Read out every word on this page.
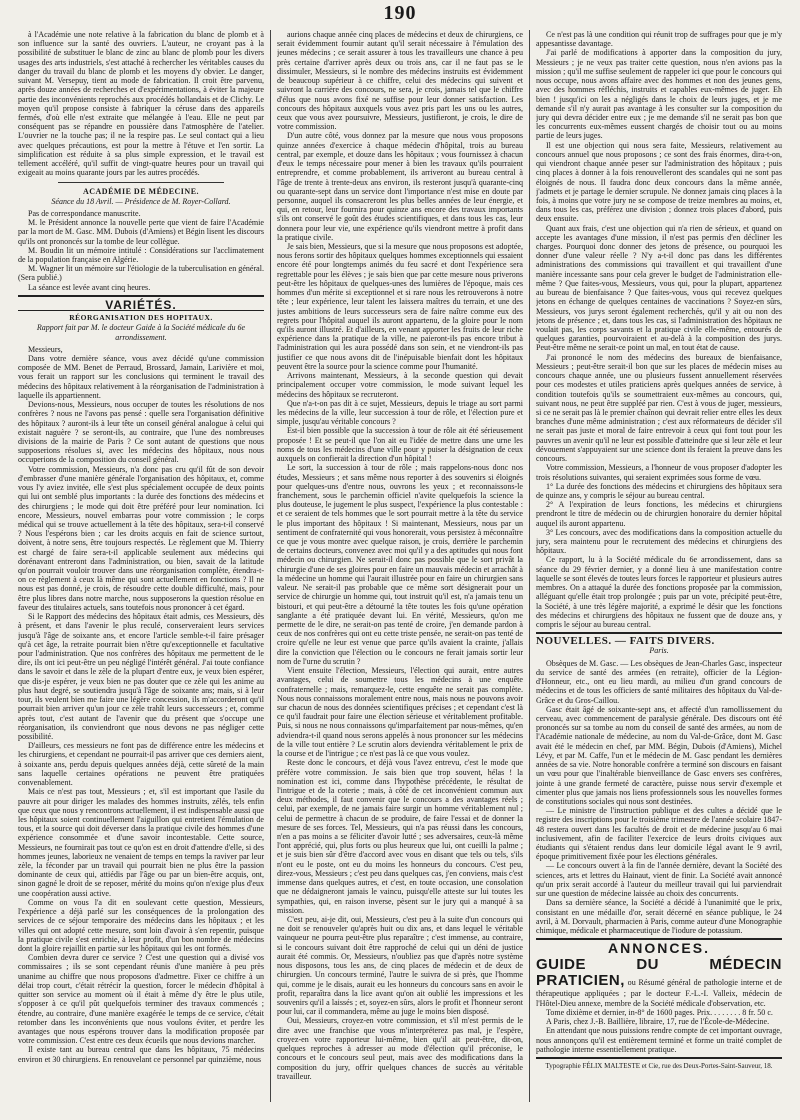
190

à l'Académie une note relative à la fabrication du blanc de plomb et à son influence sur la santé des ouvriers. L'auteur, ne croyant pas à la possibilité de substituer le blanc de zinc au blanc de plomb pour les divers usages des arts industriels, s'est attaché à rechercher les véritables causes du danger du travail du blanc de plomb et les moyens d'y obvier. Le danger, suivant M. Versepuy, tient au mode de fabrication. Il croit être parvenu, après douze années de recherches et d'expérimentations, à éviter la majeure partie des inconvénients reprochés aux procédés hollandais et de Clichy. Le moyen qu'il propose consiste à fabriquer la céruse dans des appareils fermés, d'où elle n'est extraite que mélangée à l'eau. Elle ne peut par conséquent pas se répandre en poussière dans l'atmosphère de l'atelier. L'ouvrier ne la touche pas; il ne la respire pas. Le seul contact qui a lieu avec quelques précautions, est pour la mettre à l'étuve et l'en sortir. La simplification est réduite à sa plus simple expression, et le travail est tellement accéléré, qu'il suffit de vingt-quatre heures pour un travail qui exigeait au moins quarante jours par les autres procédés.

ACADÉMIE DE MÉDECINE.
Séance du 18 Avril. — Présidence de M. Royer-Collard.

Pas de correspondance manuscrite.

M. le Président annonce la nouvelle perte que vient de faire l'Académie par la mort de M. Gasc. MM. Dubois (d'Amiens) et Bégin lisent les discours qu'ils ont prononcés sur la tombe de leur collègue.

M. Boudin lit un mémoire intitulé : Considérations sur l'acclimatement de la population française en Algérie.

M. Wagner lit un mémoire sur l'étiologie de la tuberculisation en général. (Sera publié.)

La séance est levée avant cinq heures.

VARIÉTÉS.
RÉORGANISATION DES HOPITAUX.
Rapport fait par M. le docteur Gaide à la Société médicale du 6e arrondissement.

Messieurs,

Dans votre dernière séance, vous avez décidé qu'une commission composée de MM. Benet de Perraud, Brossard, Jamain, Larivière et moi, vous ferait un rapport sur les conclusions qui terminent le travail des médecins des hôpitaux relativement à la réorganisation de l'administration à laquelle ils appartiennent.

Devions-nous, Messieurs, nous occuper de toutes les résolutions de nos confrères ? nous ne l'avons pas pensé : quelle sera l'organisation définitive des hôpitaux ? auront-ils à leur tête un conseil général analogue à celui qui existait naguère ? se seront-ils, au contraire, que l'une des nombreuses divisions de la mairie de Paris ? Ce sont autant de questions que nous supposerions résolues si, avec les médecins des hôpitaux, nous nous occuperions de la composition du conseil général.

Votre commission, Messieurs, n'a donc pas cru qu'il fût de son devoir d'embrasser d'une manière générale l'organisation des hôpitaux, et, comme vous l'y aviez invitée, elle s'est plus spécialement occupée de deux points qui lui ont semblé plus importants : la durée des fonctions des médecins et des chirurgiens ; le mode qui doit être préféré pour leur nomination. Ici encore, Messieurs, nouvel embarras pour votre commission ; le corps médical qui se trouve actuellement à la tête des hôpitaux, sera-t-il conservé ? Nous l'espérons bien ; car les droits acquis en fait de science surtout, doivent, à notre sens, être toujours respectés. Le règlement que M. Thierry est chargé de faire sera-t-il applicable seulement aux médecins qui dorénavant entreront dans l'administration, ou bien, savait de la latitude qu'on pourrait vouloir trouver dans une réorganisation complète, étendra-t-on ce règlement à ceux là même qui sont actuellement en fonctions ? Il ne nous est pas donné, je crois, de résoudre cette double difficulté, mais, pour être plus libres dans notre marche, nous supposerons la question résolue en faveur des titulaires actuels, sans toutefois nous prononcer à cet égard.

Si le Rapport des médecins des hôpitaux était admis, ces Messieurs, dès à présent, et dans l'avenir le plus reculé, conserveraient leurs services jusqu'à l'âge de soixante ans, et encore l'article semble-t-il faire présager qu'à cet âge, la retraite pourrait bien n'être qu'exceptionnelle et facultative pour l'administration. Que nos confrères des hôpitaux me permettent de le dire, ils ont ici peut-être un peu négligé l'intérêt général. J'ai toute confiance dans le savoir et dans le zèle de la plupart d'entre eux, je veux bien espérer, que dis-je espérer, je veux bien ne pas douter que ce zèle qui les anime au plus haut degré, se soutiendra jusqu'à l'âge de soixante ans; mais, si à leur tour, ils veulent bien me faire une légère concession, ils m'accorderont qu'il pourrait bien arriver qu'un jour ce zèle trahît leurs successeurs ; et, comme après tout, c'est autant de l'avenir que du présent que s'occupe une réorganisation, ils conviendront que nous devons ne pas négliger cette possibilité.

D'ailleurs, ces messieurs ne font pas de différence entre les médecins et les chirurgiens, et cependant ne pourrait-il pas arriver que ces derniers aient, à soixante ans, perdu depuis quelques années déjà, cette sûreté de la main sans laquelle certaines opérations ne peuvent être pratiquées convenablement.

Mais ce n'est pas tout, Messieurs ; et, s'il est important que l'asile du pauvre ait pour diriger les malades des hommes instruits, zélés, tels enfin que ceux que nous y rencontrons actuellement, il est indispensable aussi que les hôpitaux soient continuellement l'aiguillon qui entretient l'émulation de tous, et la source qui doit déverser dans la pratique civile des hommes d'une expérience consommée et d'une savoir incontestable. Cette source, Messieurs, ne fournirait pas tout ce qu'on est en droit d'attendre d'elle, si des hommes jeunes, laborieux ne venaient de temps en temps la raviver par leur zèle, la féconder par un travail qui pourrait bien ne plus être la passion dominante de ceux qui, attiédis par l'âge ou par un bien-être acquis, ont, sinon gagné le droit de se reposer, mérité du moins qu'on n'exige plus d'eux une coopération aussi active.

Comme on vous l'a dit en soulevant cette question, Messieurs, l'expérience a déjà parlé sur les conséquences de la prolongation des services de ce séjour temporaire des médecins dans les hôpitaux ; et les villes qui ont adopté cette mesure, sont loin d'avoir à s'en repentir, puisque la pratique civile s'est enrichie, à leur profit, d'un bon nombre de médecins dont la gloire rejaillit en partie sur les hôpitaux qui les ont formés.

Combien devra durer ce service ? C'est une question qui a divisé vos commissaires ; ils se sont cependant réunis d'une manière à peu près unanime au chiffre que nous proposons d'admettre. Fixer ce chiffre à un délai trop court, c'était rétrécir la question, forcer le médecin d'hôpital à quitter son service au moment où il était à même d'y être le plus utile, s'opposer à ce qu'il pût quelquefois terminer des travaux commencés ; étendre, au contraire, d'une manière exagérée le temps de ce service, c'était retomber dans les inconvénients que nous voulons éviter, et perdre les avantages que nous espérons trouver dans la modification proposée par votre commission. C'est entre ces deux écueils que nous devions marcher.

Il existe tant au bureau central que dans les hôpitaux, 75 médecins environ et 30 chirurgiens. En renouvelant ce personnel par quinzième, nous

aurions chaque année cinq places de médecins et deux de chirurgiens, ce serait évidemment fournir autant qu'il serait nécessaire à l'émulation des jeunes médecins ; ce serait assurer à tous les travailleurs une chance à peu près certaine d'arriver après deux ou trois ans, car il ne faut pas se le dissimuler, Messieurs, si le nombre des médecins instruits est évidemment de beaucoup supérieur à ce chiffre, celui des médecins qui suivent et suivront la carrière des concours, ne sera, je crois, jamais tel que le chiffre d'élus que nous avons fixé ne suffise pour leur donner satisfaction. Les concours des hôpitaux auxquels vous avez pris part les uns ou les autres, ceux que vous avez poursuivre, Messieurs, justifieront, je crois, le dire de votre commission.

D'un autre côté, vous donnez par la mesure que nous vous proposons quinze années d'exercice à chaque médecin d'hôpital, trois au bureau central, par exemple, et douze dans les hôpitaux ; vous fournissez à chacun d'eux le temps nécessaire pour mener à bien les travaux qu'ils pourraient entreprendre, et comme probablement, ils arriveront au bureau central à l'âge de trente à trente-deux ans environ, ils resteront jusqu'à quarante-cinq ou quarante-sept dans un service dont l'importance n'est mise en doute par personne, auquel ils consacreront les plus belles années de leur énergie, et qui, en retour, leur fournira pour quinze ans encore des travaux importants s'ils ont conservé le goût des études scientifiques, et dans tous les cas, leur donnera pour leur vie, une expérience qu'ils viendront mettre à profit dans la pratique civile.

Je sais bien, Messieurs, que si la mesure que nous proposons est adoptée, nous ferons sortir des hôpitaux quelques hommes exceptionnels qui essaient encore été pour longtemps animés du feu sacré et dont l'expérience sera regrettable pour les élèves ; je sais bien que par cette mesure nous priverons peut-être les hôpitaux de quelques-unes des lumières de l'époque, mais ces hommes d'un mérite si exceptionnel et si rare nous les retrouverons à notre tête ; leur expérience, leur talent les laissera maîtres du terrain, et une des justes ambitions de leurs successeurs sera de faire naître comme eux des regrets pour l'hôpital auquel ils auront appartenu, de la gloire pour le nom qu'ils auront illustré. Et d'ailleurs, en venant apporter les fruits de leur riche expérience dans la pratique de la ville, ne paieront-ils pas encore tribut à l'administration qui les aura possédé dans son sein, et ne viendront-ils pas justifier ce que nous avons dit de l'inépuisable bienfait dont les hôpitaux peuvent être la source pour la science comme pour l'humanité.

Arrivons maintenant, Messieurs, à la seconde question qui devait principalement occuper votre commission, le mode suivant lequel les médecins des hôpitaux se recruteront.

Que n'a-t-on pas dit à ce sujet, Messieurs, depuis le triage au sort parmi les médecins de la ville, leur succession à tour de rôle, et l'élection pure et simple, jusqu'au véritable concours ?

Est-il bien possible que la succession à tour de rôle ait été sérieusement proposée ! Et se peut-il que l'on ait eu l'idée de mettre dans une urne les noms de tous les médecins d'une ville pour y puiser la désignation de ceux auxquels on confierait la direction d'un hôpital !

Le sort, la succession à tour de rôle ; mais rappelons-nous donc nos études, Messieurs ; et sans même nous reporter à des souvenirs si éloignés pour quelques-uns d'entre nous, ouvrons les yeux ; et reconnaissons-le franchement, sous le parchemin officiel n'avite quelquefois la science la plus douteuse, le jugement le plus suspect, l'expérience la plus contestable : et ce seraient de tels hommes que le sort pourrait mettre à la tête du service le plus important des hôpitaux ! Si maintenant, Messieurs, nous par un sentiment de confraternité qui vous honorerait, vous persistez à méconnaître ce que je vous montre avec quelque raison, je crois, derrière le parchemin de certains docteurs, convenez avec moi qu'il y a des aptitudes qui nous font médecin ou chirurgien. Ne serait-il donc pas possible que le sort privât la chirurgie d'une de ses gloires pour en faire un mauvais médecin et arrachât à la médecine un homme qui l'aurait illustrée pour en faire un chirurgien sans valeur. Ne serait-il pas probable que ce même sort désignerait pour un service de chirurgie un homme qui, tout instruit qu'il est, n'a jamais tenu un bistouri, et qui peut-être a détourné la tête toutes les fois qu'une opération sanglante a été pratiquée devant lui. En vérité, Messieurs, qu'on me permette de le dire, ne serait-on pas tenté de croire, j'en demande pardon à ceux de nos confrères qui ont eu cette triste pensée, ne serait-on pas tenté de croire qu'elle ne leur est venue que parce qu'ils avaient la crainte, j'allais dire la conviction que l'élection ou le concours ne ferait jamais sortir leur nom de l'urne du scrutin ?

Vient ensuite l'élection, Messieurs, l'élection qui aurait, entre autres avantages, celui de soumettre tous les médecins à une enquête confraternelle ; mais, remarquez-le, cette enquête ne serait pas complète. Nous nous connaissons moralement entre nous, mais nous ne pouvons avoir sur chacun de nous des données scientifiques précises ; et cependant c'est là ce qu'il faudrait pour faire une élection sérieuse et véritablement profitable. Puis, si nous ne nous connaissons qu'imparfaitement par nous-mêmes, qu'en adviendra-t-il quand nous serons appelés à nous prononcer sur les médecins de la ville tout entière ? Le scrutin alors deviendra véritablement le prix de la course et de l'intrigue ; ce n'est pas là ce que vous voulez.

Reste donc le concours, et déjà vous l'avez entrevu, c'est le mode que préfère votre commission. Je sais bien que trop souvent, hélas ! la nomination est ici, comme dans l'hypothèse précédente, le résultat de l'intrigue et de la coterie ; mais, à côté de cet inconvénient commun aux deux méthodes, il faut convenir que le concours a des avantages réels ; celui, par exemple, de ne jamais faire surgir un homme véritablement nul ; celui de permettre à chacun de se produire, de faire l'essai et de donner la mesure de ses forces. Tel, Messieurs, qui n'a pas réussi dans les concours, n'en a pas moins a se féliciter d'avoir lutté ; ses adversaires, ceux-là même l'ont apprécié, qui, plus forts ou plus heureux que lui, ont cueilli la palme ; et je suis bien sûr d'être d'accord avec vous en disant que tels ou tels, s'ils n'ont eu le poste, ont eu du moins les honneurs du concours. C'est peu, direz-vous, Messieurs ; c'est peu dans quelques cas, j'en conviens, mais c'est immense dans quelques autres, et c'est, en toute occasion, une consolation que ne dédaigneront jamais le vaincu, puisqu'elle atteste sur lui toutes les sympathies, qui, en raison inverse, pèsent sur le jury qui a manqué à sa mission.

C'est peu, ai-je dit, oui, Messieurs, c'est peu à la suite d'un concours qui ne doit se renouveler qu'après huit ou dix ans, et dans lequel le véritable vainqueur ne pourra peut-être plus reparaître ; c'est immense, au contraire, si le concours suivant doit être rapproché de celui qui un déni de justice aurait été commis. Or, Messieurs, n'oubliez pas que d'après notre système nous disposons, tous les ans, de cinq places de médecin et de deux de chirurgien. Un concours terminé, l'autre le suivra de si près, que l'homme qui, comme je le disais, aurait eu les honneurs du concours sans en avoir le profit, reparaîtra dans la lice avant qu'on ait oublié les impressions et les souvenirs qu'il a laissés ; et, soyez-en sûrs, alors le profit et l'honneur seront pour lui, car il commandera, même au juge le moins bien disposé.

Oui, Messieurs, croyez-en votre commission, et s'il m'est permis de le dire avec une franchise que vous m'interpréterez pas mal, je l'espère, croyez-en votre rapporteur lui-même, bien qu'il ait peut-être, dit-on, quelques reproches à adresser au mode d'élection qu'il préconise, le concours et le concours seul peut, mais avec des modifications dans la composition du jury, offrir quelques chances de succès au véritable travailleur.

Ce n'est pas là une condition qui réunit trop de suffrages pour que je m'y appesantisse davantage.

J'ai parlé de modifications à apporter dans la composition du jury, Messieurs ; je ne veux pas traiter cette question, nous n'en avions pas la mission ; qu'il me suffise seulement de rappeler ici que pour le concours qui nous occupe, nous avons affaire avec des hommes et non des jeunes gens, avec des hommes réfléchis, instruits et capables eux-mêmes de juger. Eh bien ! jusqu'ici on les a négligés dans le choix de leurs juges, et je me demande s'il n'y aurait pas avantage à les consulter sur la composition du jury qui devra décider entre eux ; je me demande s'il ne serait pas bon que les concurrents eux-mêmes eussent chargés de choisir tout ou au moins partie de leurs juges.

Il est une objection qui nous sera faite, Messieurs, relativement au concours annuel que nous proposons ; ce sont des frais énormes, dira-t-on, qui viendront chaque année peser sur l'administration des hôpitaux ; puis cinq places à donner à la fois renouvelleront des scandales qui ne sont pas éloignés de nous. Il faudra donc deux concours dans la même année, j'admets et je partage le dernier scrupule. Ne donnez jamais cinq places à la fois, à moins que votre jury ne se compose de treize membres au moins, et, dans tous les cas, préférez une division ; donnez trois places d'abord, puis deux ensuite.

Quant aux frais, c'est une objection qui n'a rien de sérieux, et quand on accepte les avantages d'une mission, il n'est pas permis d'en décliner les charges. Pourquoi donc donner des jetons de présence, ou pourquoi les donner d'une valeur réelle ? N'y a-t-il donc pas dans les différentes administrations des commissions qui travaillent et qui travaillent d'une manière incessante sans pour cela grever le budget de l'administration elle-même ? Que faites-vous, Messieurs, vous qui, pour la plupart, appartenez au bureau de bienfaisance ? Que faites-vous, vous qui recevez quelques jetons en échange de quelques centaines de vaccinations ? Soyez-en sûrs, Messieurs, vos jurys seront également recherchés, qu'il y ait ou non des jetons de présence ; et, dans tous les cas, si l'administration des hôpitaux ne voulait pas, les corps savants et la pratique civile elle-même, entourés de quelques garanties, pourvoiraient et au-delà à la composition des jurys. Peut-être même ne serait-ce point un mal, en tout état de cause.

J'ai prononcé le nom des médecins des bureaux de bienfaisance, Messieurs ; peut-être serait-il bon que sur les places de médecin mises au concours chaque année, une ou plusieurs fussent annuellement réservées pour ces modestes et utiles praticiens après quelques années de service, à condition toutefois qu'ils se soumettraient eux-mêmes au concours, qui, suivant nous, ne peut être suppléé par rien. C'est à vous de juger, messieurs, si ce ne serait pas là le premier chaînon qui devrait relier entre elles les deux branches d'une même administration ; c'est aux réformateurs de décider s'il ne serait pas juste et moral de faire entrevoir à ceux qui font tout pour les pauvres un avenir qu'il ne leur est possible d'atteindre que si leur zèle et leur dévouement s'appuyaient sur une science dont ils feraient la preuve dans les concours.

Votre commission, Messieurs, a l'honneur de vous proposer d'adopter les trois résolutions suivantes, qui seraient exprimées sous forme de vœu.

1° La durée des fonctions des médecins et chirurgiens des hôpitaux sera de quinze ans, y compris le séjour au bureau central.

2° A l'expiration de leurs fonctions, les médecins et chirurgiens prendront le titre de médecin ou de chirurgien honoraire du dernier hôpital auquel ils auront appartenu.

3° Les concours, avec des modifications dans la composition actuelle du jury, sera maintenu pour le recrutement des médecins et chirurgiens des hôpitaux.

Ce rapport, lu à la Société médicale du 6e arrondissement, dans sa séance du 29 février dernier, y a donné lieu à une manifestation contre laquelle se sont élevés de toutes leurs forces le rapporteur et plusieurs autres membres. On a attaqué la durée des fonctions proposée par la commission, alléguant qu'elle était trop prolongée ; puis par un vote, précipité peut-être, la Société, à une très légère majorité, a exprimé le désir que les fonctions des médecins et chirurgiens des hôpitaux ne fussent que de douze ans, y compris le séjour au bureau central.

NOUVELLES. — FAITS DIVERS.
Paris.

Obsèques de M. Gasc. — Les obsèques de Jean-Charles Gasc, inspecteur du service de santé des armées (en retraite), officier de la Légion-d'Honneur, etc., ont eu lieu mardi, au milieu d'un grand concours de médecins et de tous les officiers de santé militaires des hôpitaux du Val-de-Grâce et du Gros-Caillou.

Gasc était âgé de soixante-sept ans, et affecté d'un ramollissement du cerveau, avec commencement de paralysie générale. Des discours ont été prononcés sur sa tombe au nom du conseil de santé des armées, au nom de l'Académie nationale de médecine, au nom du Val-de-Grâce, dont M. Gasc avait été le médecin en chef, par MM. Bégin, Dubois (d'Amiens), Michel Lévy, et par M. Caffe, l'un et le médecin de M. Gasc pendant les dernières années de sa vie. Notre honorable confrère a terminé son discours en faisant un vœu pour que l'inaltérable bienveillance de Gasc envers ses confrères, jointe à une grande fermeté de caractère, puisse nous servir d'exemple et cimenter plus que jamais nos liens professionnels sous les nouvelles formes de constitutions sociales qui nous sont destinées.

— Le ministre de l'instruction publique et des cultes a décidé que le registre des inscriptions pour le troisième trimestre de l'année scolaire 1847-48 restera ouvert dans les facultés de droit et de médecine jusqu'au 6 mai inclusivement, afin de faciliter l'exercice de leurs droits civiques aux étudiants qui s'étaient rendus dans leur domicile légal avant le 9 avril, époque primitivement fixée pour les élections générales.

— Le concours ouvert à la fin de l'année dernière, devant la Société des sciences, arts et lettres du Hainaut, vient de finir. La Société avait annoncé qu'un prix serait accordé à l'auteur du meilleur travail qui lui parviendrait sur une question de médecine laissée au choix des concurrents.

Dans sa dernière séance, la Société a décidé à l'unanimité que le prix, consistant en une médaille d'or, serait décerné en séance publique, le 24 avril, à M. Dorvault, pharmacien à Paris, comme auteur d'une Monographie chimique, médicale et pharmaceutique de l'iodure de potassium.

ANNONCES.

GUIDE DU MÉDECIN PRATICIEN, ou Résumé général de pathologie interne et de thérapeutique appliquées ; par le docteur F.-L.-I. Valleix, médecin de l'Hôtel-Dieu annexe, membre de la Société médicale d'observation, etc.

Tome dixième et dernier, in-8° de 1600 pages. Prix. . . . . . . . 8 fr. 50 c.

A Paris, chez J.-B. Baillière, libraire, 17, rue de l'École-de-Médecine.

En attendant que nous puissions rendre compte de cet important ouvrage, nous annonçons qu'il est entièrement terminé et forme un traité complet de pathologie interne essentiellement pratique.

Typographie FÉLIX MALTESTE et Cie, rue des Deux-Portes-Saint-Sauveur, 18.
